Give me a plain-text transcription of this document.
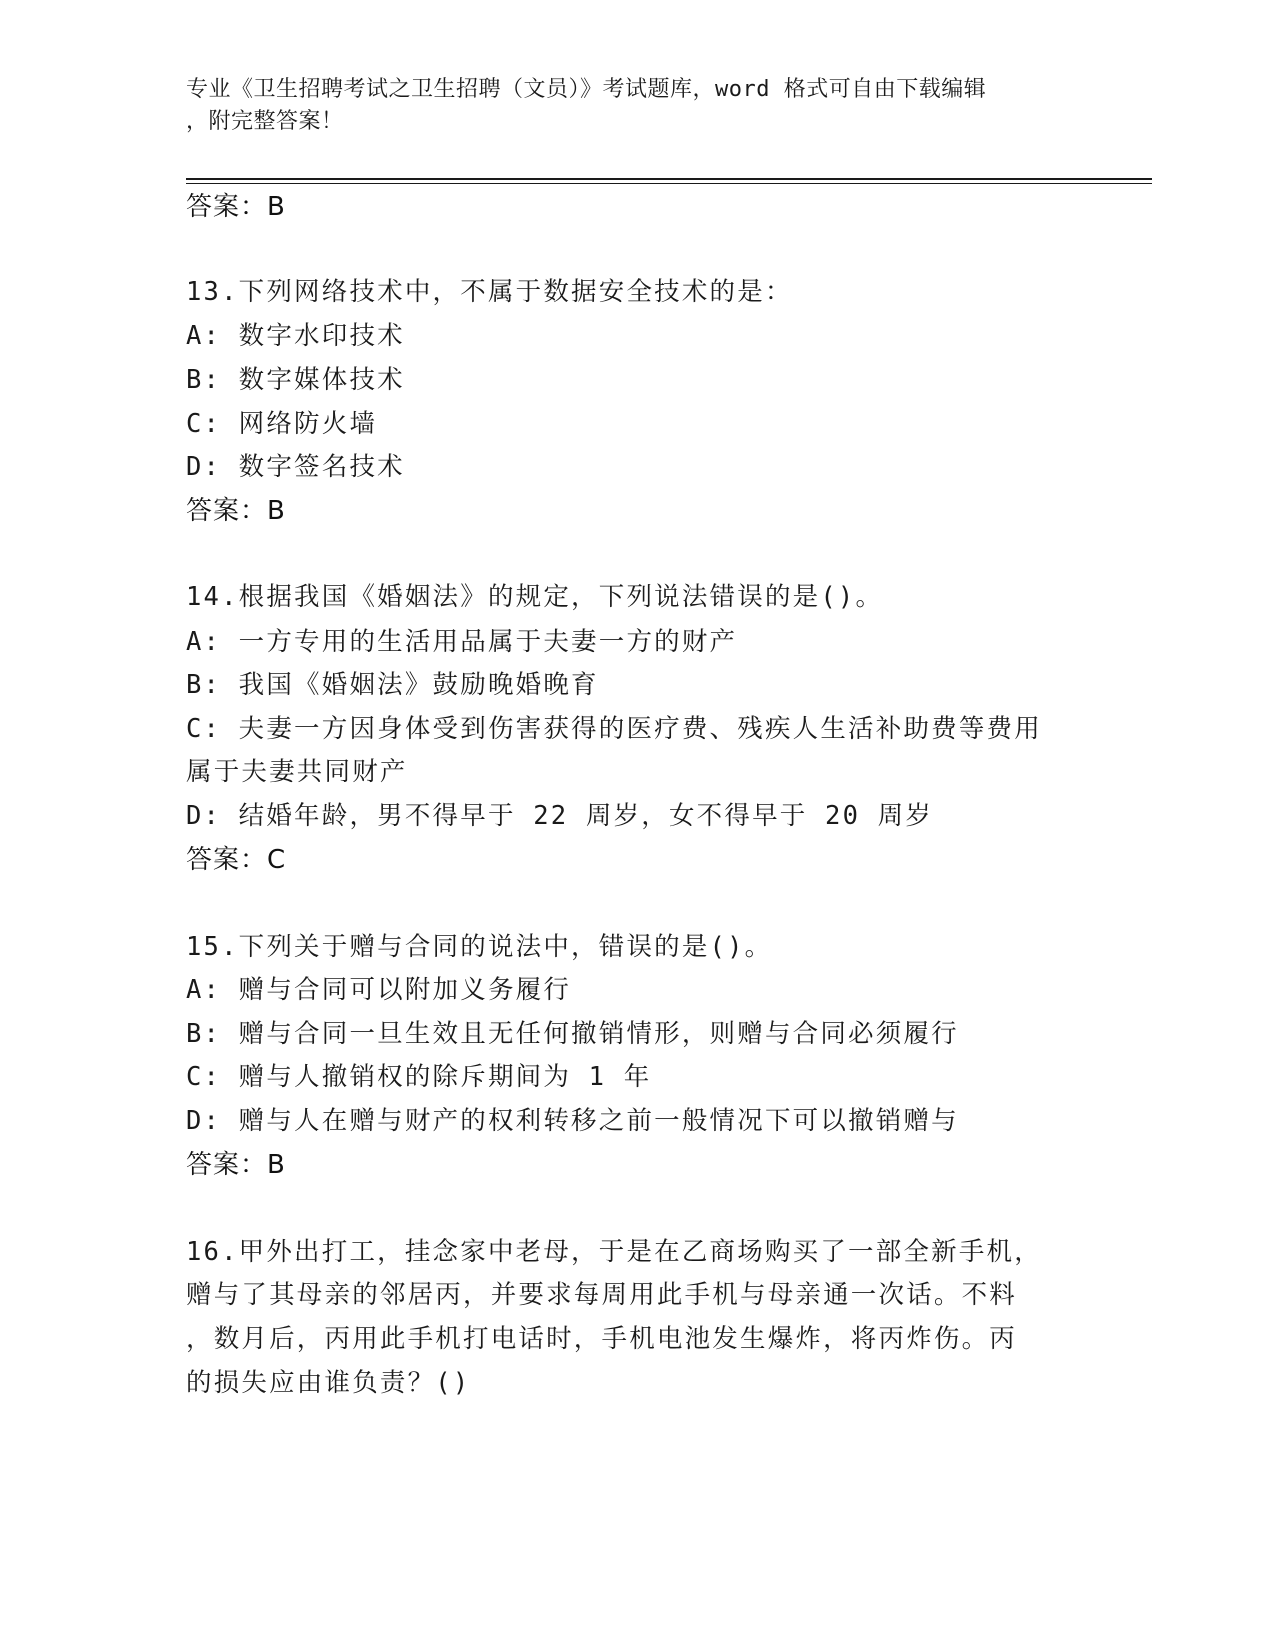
专业《卫生招聘考试之卫生招聘（文员）》考试题库，word 格式可自由下载编辑
，附完整答案！
答案：B
13.下列网络技术中，不属于数据安全技术的是：
A: 数字水印技术
B: 数字媒体技术
C: 网络防火墙
D: 数字签名技术
答案：B
14.根据我国《婚姻法》的规定，下列说法错误的是()。
A: 一方专用的生活用品属于夫妻一方的财产
B: 我国《婚姻法》鼓励晚婚晚育
C: 夫妻一方因身体受到伤害获得的医疗费、残疾人生活补助费等费用
属于夫妻共同财产
D: 结婚年龄，男不得早于 22 周岁，女不得早于 20 周岁
答案：C
15.下列关于赠与合同的说法中，错误的是()。
A: 赠与合同可以附加义务履行
B: 赠与合同一旦生效且无任何撤销情形，则赠与合同必须履行
C: 赠与人撤销权的除斥期间为 1 年
D: 赠与人在赠与财产的权利转移之前一般情况下可以撤销赠与
答案：B
16.甲外出打工，挂念家中老母，于是在乙商场购买了一部全新手机，
赠与了其母亲的邻居丙，并要求每周用此手机与母亲通一次话。不料
，数月后，丙用此手机打电话时，手机电池发生爆炸，将丙炸伤。丙
的损失应由谁负责？()
